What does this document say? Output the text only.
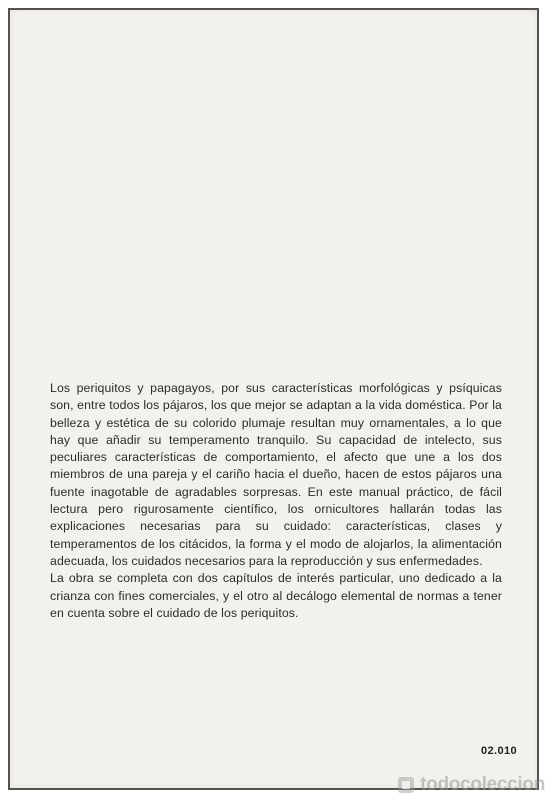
Los periquitos y papagayos, por sus características morfológicas y psíquicas son, entre todos los pájaros, los que mejor se adaptan a la vida doméstica. Por la belleza y estética de su colorido plumaje resultan muy ornamentales, a lo que hay que añadir su temperamento tranquilo. Su capacidad de intelecto, sus peculiares características de comportamiento, el afecto que une a los dos miembros de una pareja y el cariño hacia el dueño, hacen de estos pájaros una fuente inagotable de agradables sorpresas. En este manual práctico, de fácil lectura pero rigurosamente científico, los ornicultores hallarán todas las explicaciones necesarias para su cuidado: características, clases y temperamentos de los citácidos, la forma y el modo de alojarlos, la alimentación adecuada, los cuidados necesarios para la reproducción y sus enfermedades.

La obra se completa con dos capítulos de interés particular, uno dedicado a la crianza con fines comerciales, y el otro al decálogo elemental de normas a tener en cuenta sobre el cuidado de los periquitos.

02.010
todocoleccion
